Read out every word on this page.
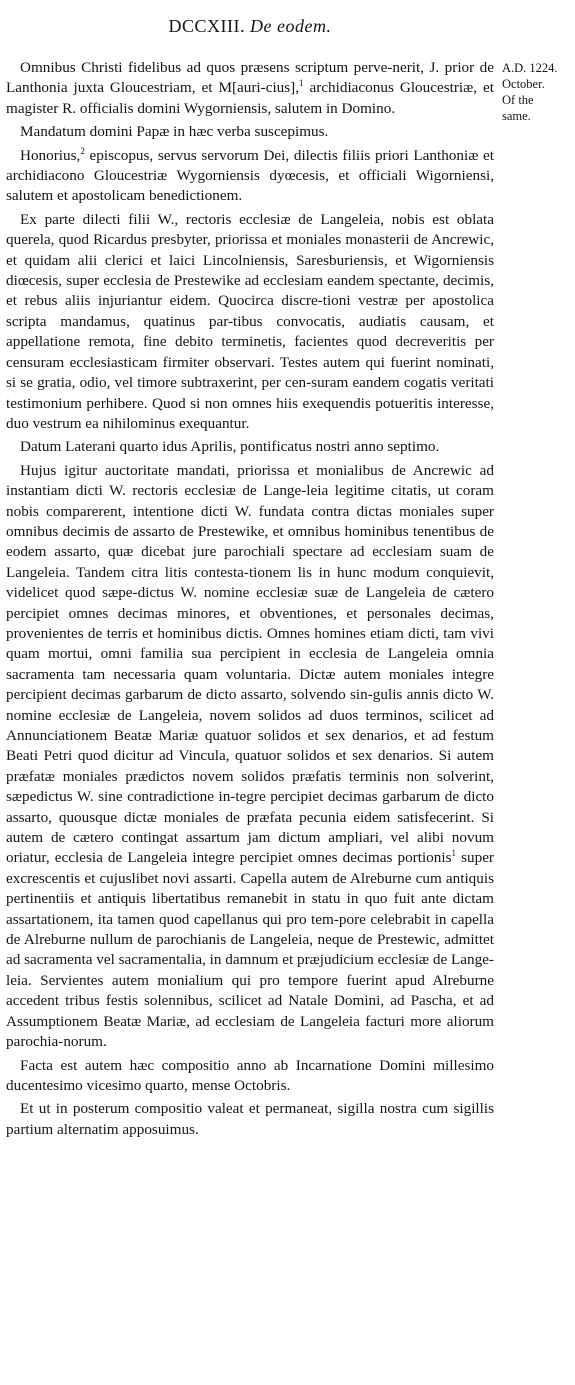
DCCXIII. De eodem.
A.D. 1224.
October.
Of the
same.

Omnibus Christi fidelibus ad quos præsens scriptum perve-nerit, J. prior de Lanthonia juxta Gloucestriam, et M[auri-cius],$^1$ archidiaconus Gloucestriæ, et magister R. officialis domini Wygorniensis, salutem in Domino.

Mandatum domini Papæ in hæc verba suscepimus.

Honorius,$^2$ episcopus, servus servorum Dei, dilectis filiis priori Lanthoniæ et archidiacono Gloucestriæ Wygorniensis dyœcesis, et officiali Wigorniensi, salutem et apostolicam benedictionem.

Ex parte dilecti filii W., rectoris ecclesiæ de Langeleia, nobis est oblata querela, quod Ricardus presbyter, priorissa et moniales monasterii de Ancrewic, et quidam alii clerici et laici Lincolniensis, Saresburiensis, et Wigorniensis diœcesis, super ecclesia de Prestewike ad ecclesiam eandem spectante, decimis, et rebus aliis injuriantur eidem. Quocirca discre-tioni vestræ per apostolica scripta mandamus, quatinus par-tibus convocatis, audiatis causam, et appellatione remota, fine debito terminetis, facientes quod decreveritis per censuram ecclesiasticam firmiter observari. Testes autem qui fuerint nominati, si se gratia, odio, vel timore subtraxerint, per cen-suram eandem cogatis veritati testimonium perhibere. Quod si non omnes hiis exequendis potueritis interesse, duo vestrum ea nihilominus exequantur.

Datum Laterani quarto idus Aprilis, pontificatus nostri anno septimo.

Hujus igitur auctoritate mandati, priorissa et monialibus de Ancrewic ad instantiam dicti W. rectoris ecclesiæ de Lange-leia legitime citatis, ut coram nobis comparerent, intentione dicti W. fundata contra dictas moniales super omnibus decimis de assarto de Prestewike, et omnibus hominibus tenentibus de eodem assarto, quæ dicebat jure parochiali spectare ad ecclesiam suam de Langeleia. Tandem citra litis contesta-tionem lis in hunc modum conquievit, videlicet quod sæpe-dictus W. nomine ecclesiæ suæ de Langeleia de cætero percipiet omnes decimas minores, et obventiones, et personales decimas, provenientes de terris et hominibus dictis. Omnes homines etiam dicti, tam vivi quam mortui, omni familia sua percipient in ecclesia de Langeleia omnia sacramenta tam necessaria quam voluntaria. Dictæ autem moniales integre percipient decimas garbarum de dicto assarto, solvendo sin-gulis annis dicto W. nomine ecclesiæ de Langeleia, novem solidos ad duos terminos, scilicet ad Annunciationem Beatæ Mariæ quatuor solidos et sex denarios, et ad festum Beati Petri quod dicitur ad Vincula, quatuor solidos et sex denarios. Si autem præfatæ moniales prædictos novem solidos præfatis terminis non solverint, sæpedictus W. sine contradictione in-tegre percipiet decimas garbarum de dicto assarto, quousque dictæ moniales de præfata pecunia eidem satisfecerint. Si autem de cætero contingat assartum jam dictum ampliari, vel alibi novum oriatur, ecclesia de Langeleia integre percipiet omnes decimas portionis$^1$ super excrescentis et cujuslibet novi assarti. Capella autem de Alreburne cum antiquis pertinentiis et antiquis libertatibus remanebit in statu in quo fuit ante dictam assartationem, ita tamen quod capellanus qui pro tem-pore celebrabit in capella de Alreburne nullum de parochianis de Langeleia, neque de Prestewic, admittet ad sacramenta vel sacramentalia, in damnum et præjudicium ecclesiæ de Lange-leia. Servientes autem monialium qui pro tempore fuerint apud Alreburne accedent tribus festis solennibus, scilicet ad Natale Domini, ad Pascha, et ad Assumptionem Beatæ Mariæ, ad ecclesiam de Langeleia facturi more aliorum parochia-norum.

Facta est autem hæc compositio anno ab Incarnatione Domini millesimo ducentesimo vicesimo quarto, mense Octobris.

Et ut in posterum compositio valeat et permaneat, sigilla nostra cum sigillis partium alternatim apposuimus.
